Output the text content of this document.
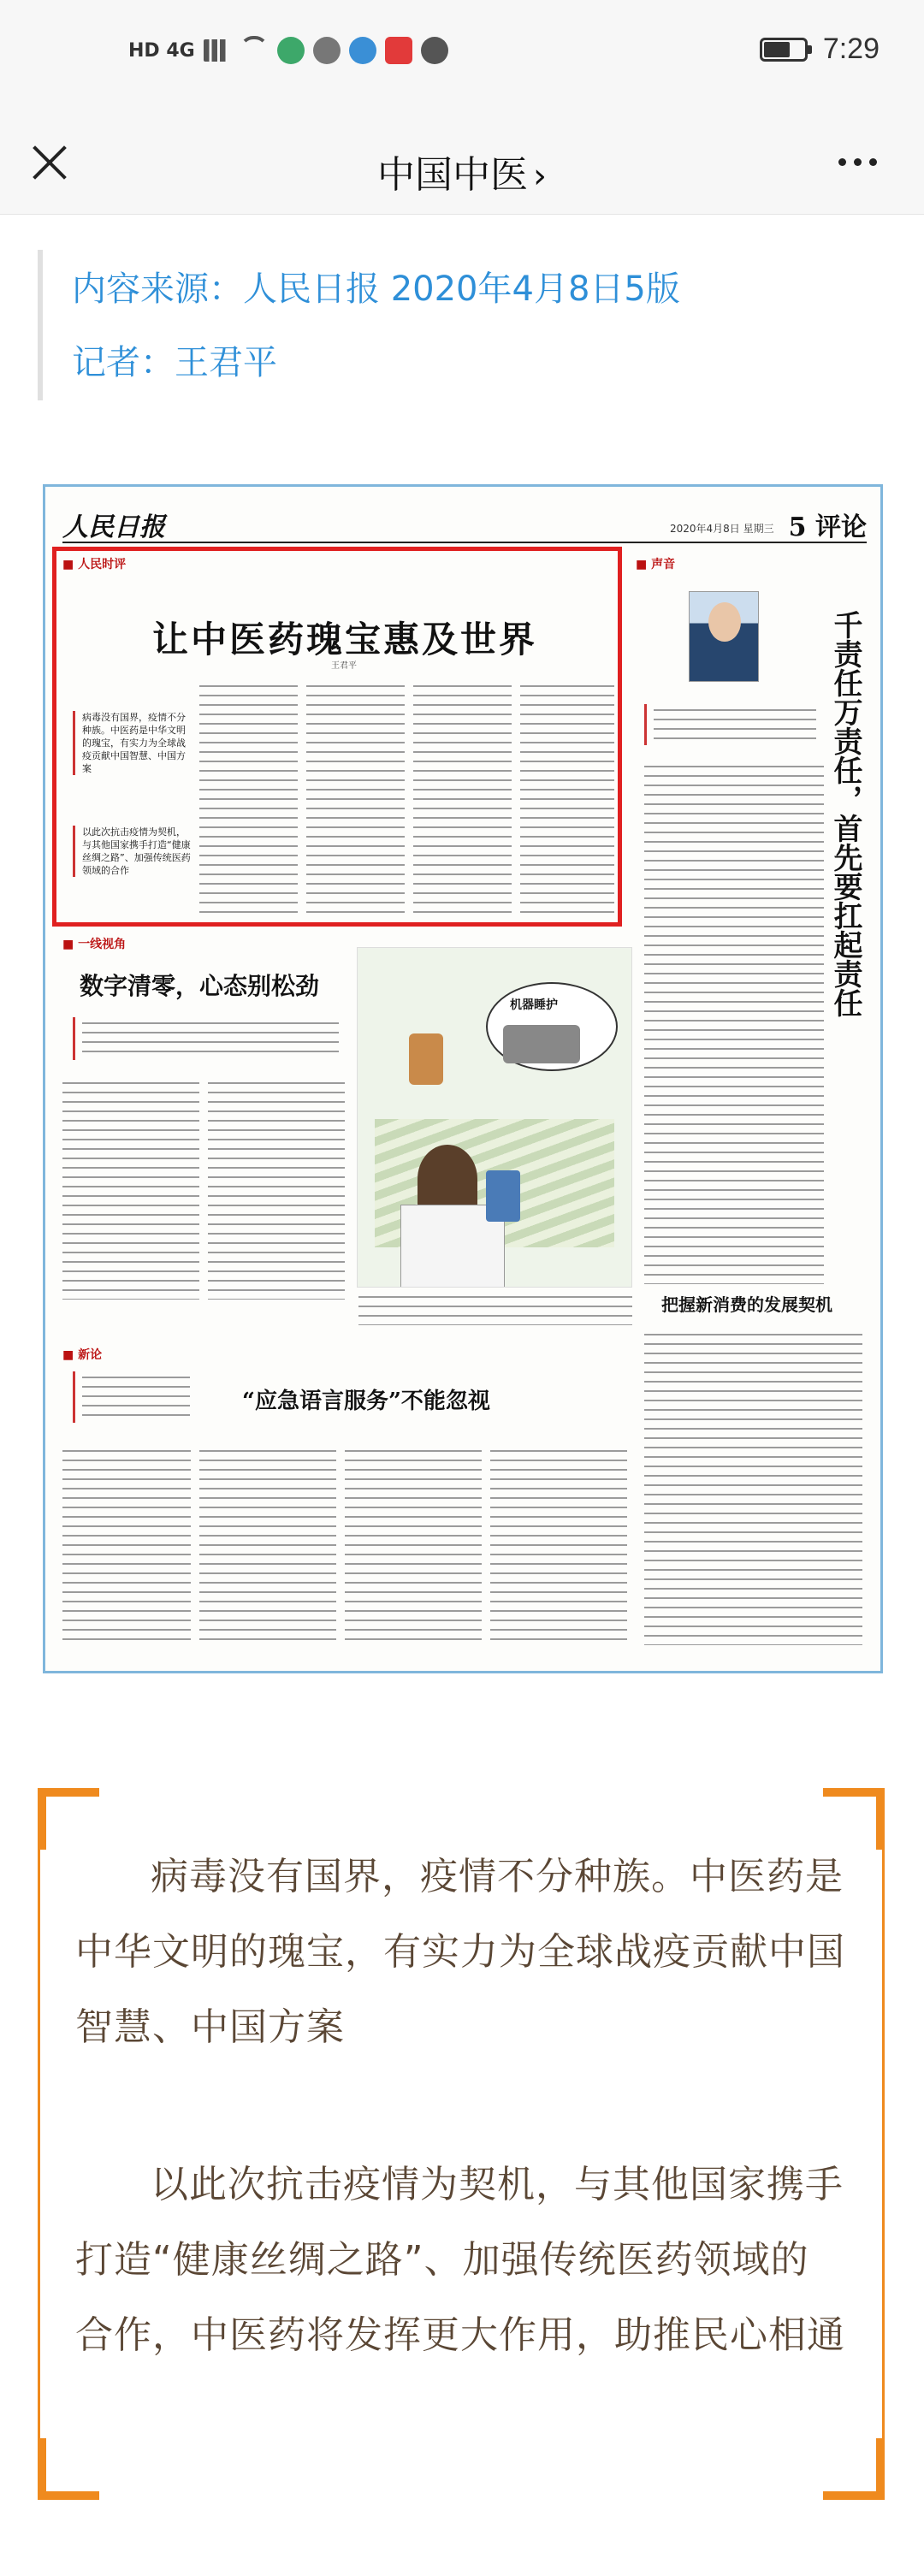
HD 4G	7:29
中国中医 ›
内容来源：人民日报 2020年4月8日5版
记者：王君平
人民日报	2020年4月8日 星期三 5 评论
■ 人民时评
让中医药瑰宝惠及世界
王君平
病毒没有国界，疫情不分种族。中医药是中华文明的瑰宝，有实力为全球战疫贡献中国智慧、中国方案
以此次抗击疫情为契机，与其他国家携手打造“健康丝绸之路”、加强传统医药领域的合作
■ 声音
千责任万责任，首先要扛起责任
把握新消费的发展契机
■ 一线视角
数字清零，心态别松劲
机器睡护
■ 新论
“应急语言服务”不能忽视

病毒没有国界，疫情不分种族。中医药是中华文明的瑰宝，有实力为全球战疫贡献中国智慧、中国方案

以此次抗击疫情为契机，与其他国家携手打造“健康丝绸之路”、加强传统医药领域的合作，中医药将发挥更大作用，助推民心相通
